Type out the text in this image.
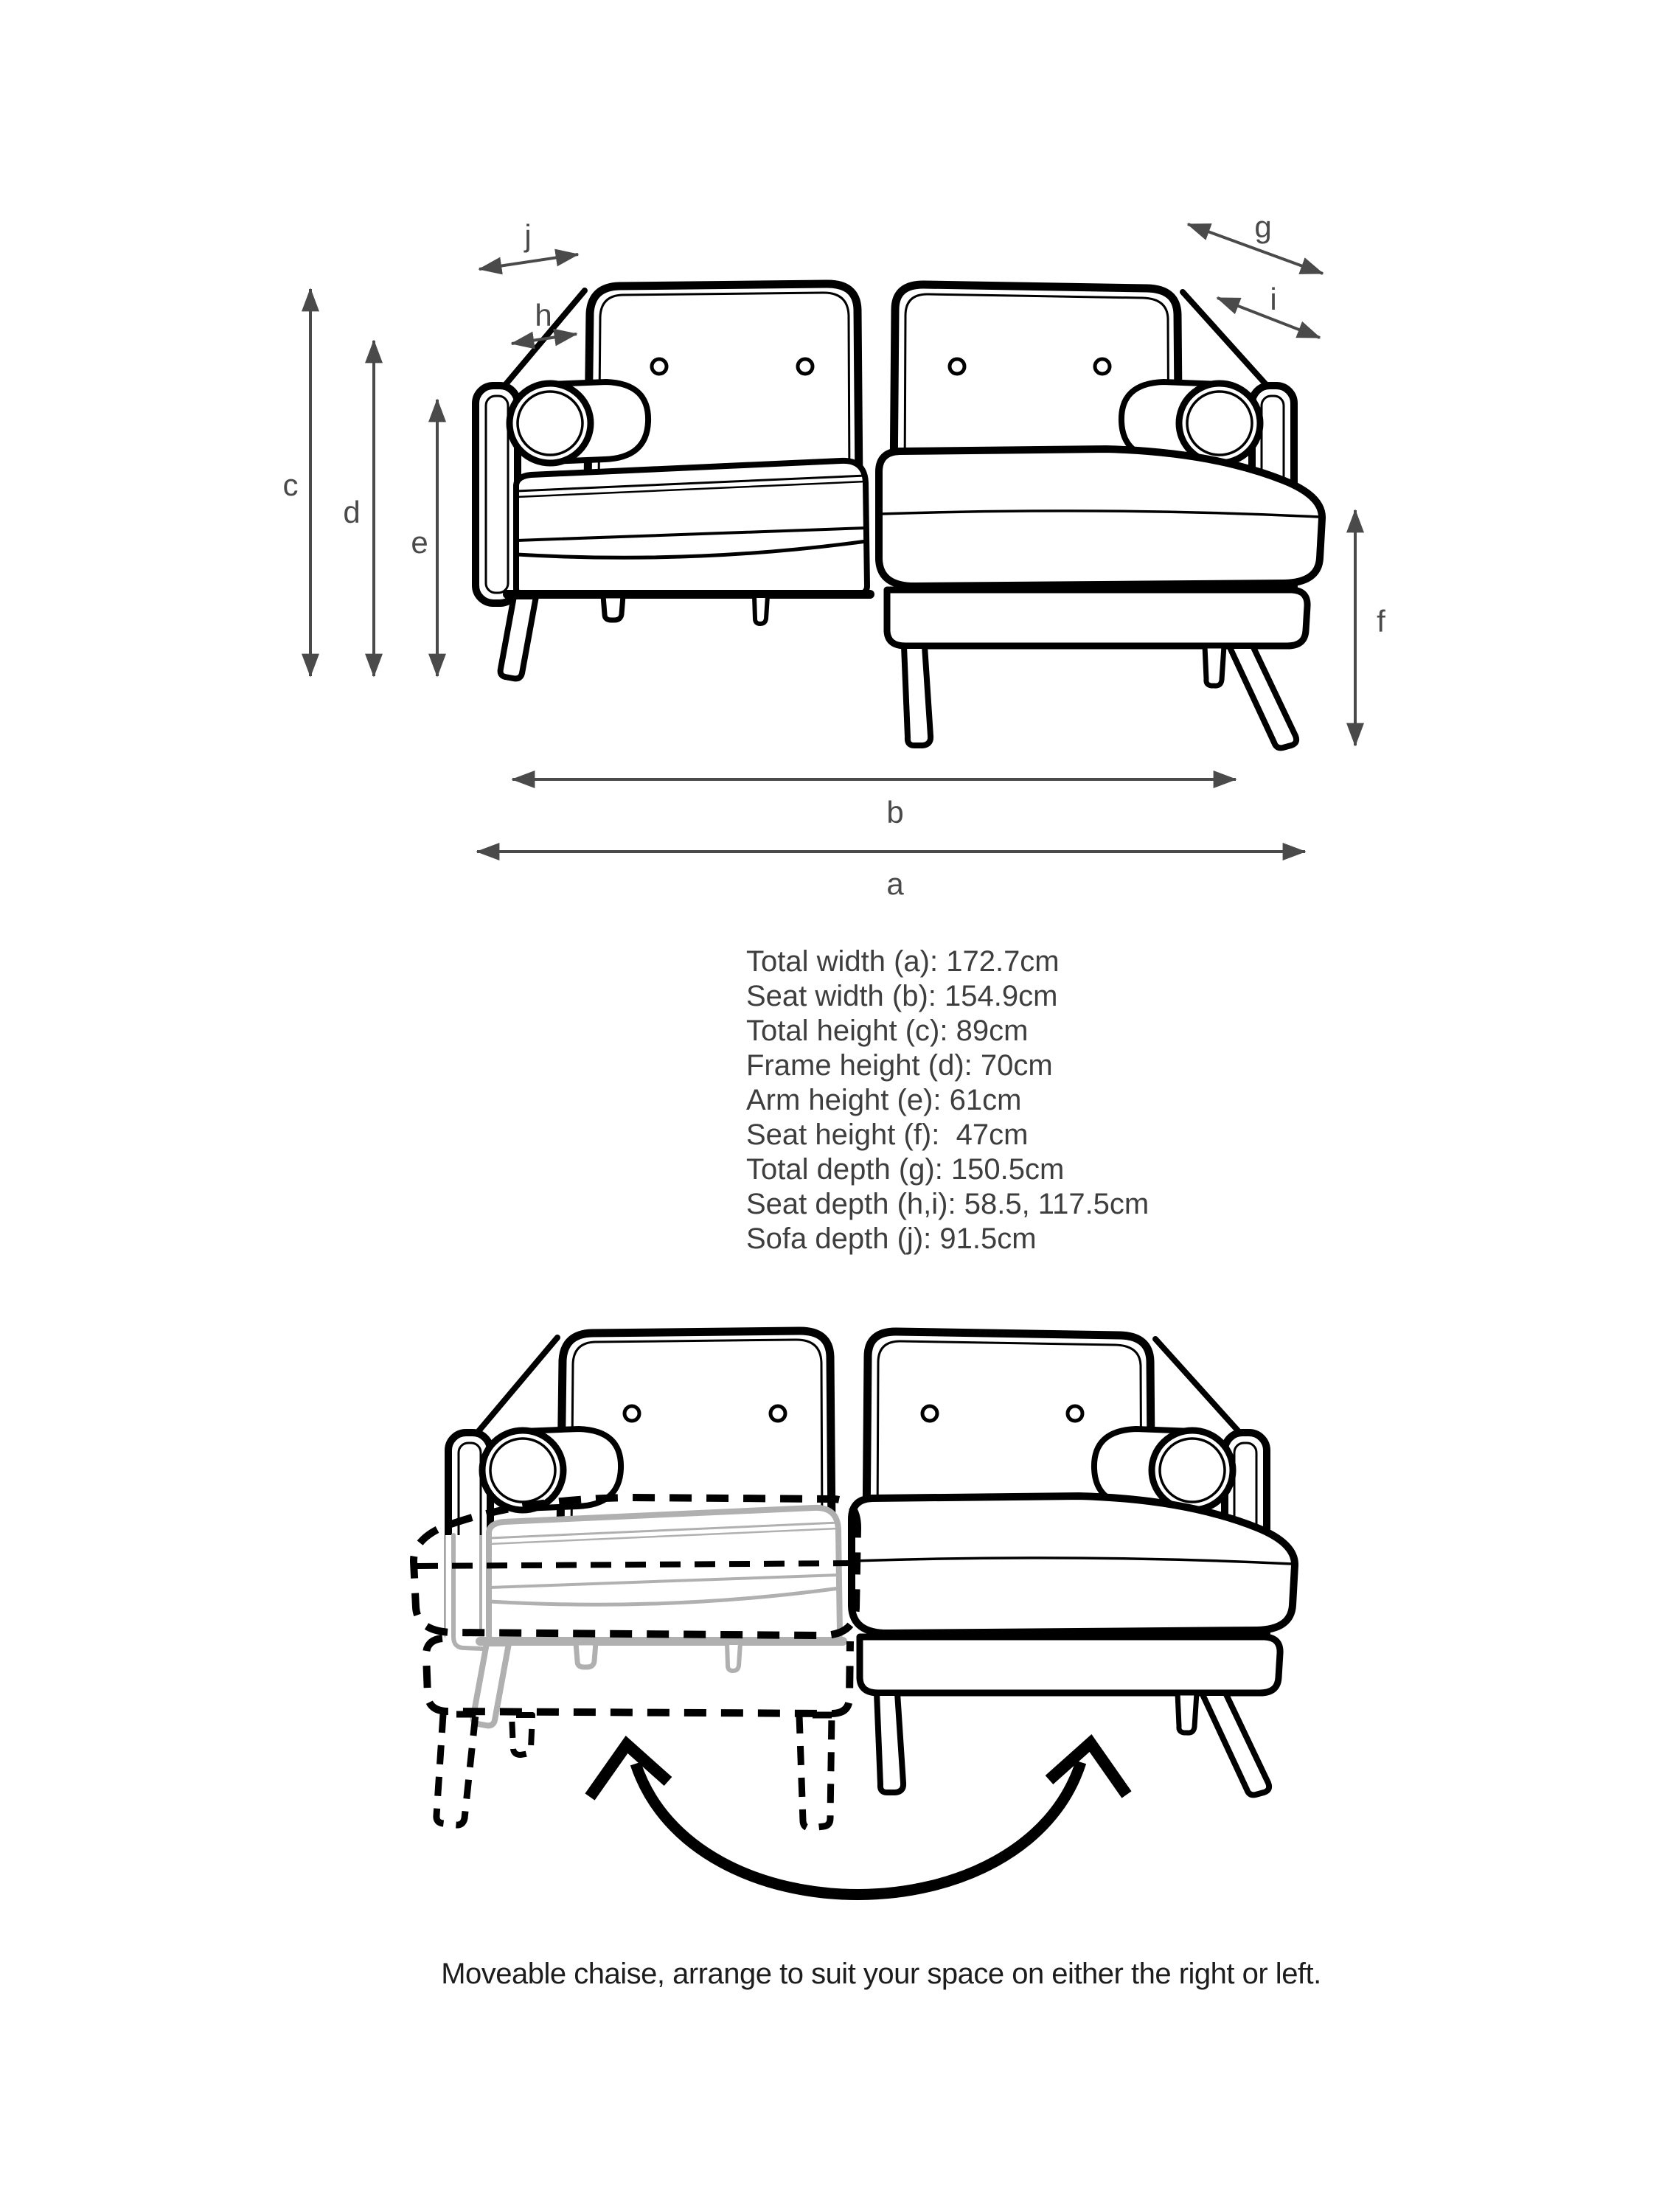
j
h
g
i
c
d
e
f
b
a
Total width (a): 172.7cm
Seat width (b): 154.9cm
Total height (c): 89cm
Frame height (d): 70cm
Arm height (e): 61cm
Seat height (f):  47cm
Total depth (g): 150.5cm
Seat depth (h,i): 58.5, 117.5cm
Sofa depth (j): 91.5cm
Moveable chaise, arrange to suit your space on either the right or left.
